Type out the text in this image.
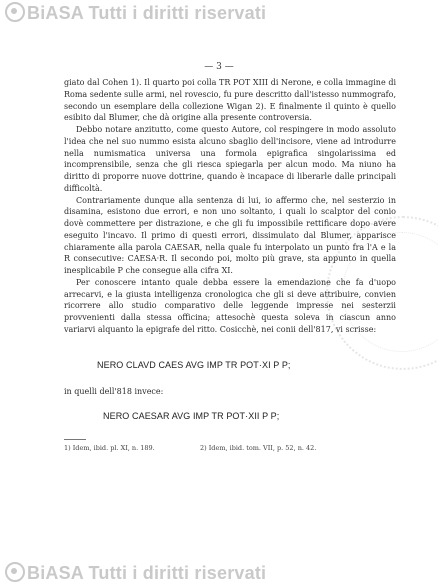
BiASA Tutti i diritti riservati
— 3 —

giato dal Cohen 1). Il quarto poi colla TR POT XIII di Nerone, e colla immagine di Roma sedente sulle armi, nel rovescio, fu pure descritto dall'istesso nummografo, secondo un esemplare della collezione Wigan 2). E finalmente il quinto è quello esibito dal Blumer, che dà origine alla presente controversia.

Debbo notare anzitutto, come questo Autore, col respingere in modo assoluto l'idea che nel suo nummo esista alcuno sbaglio dell'incisore, viene ad introdurre nella numismatica universa una formola epigrafica singolarissima ed incomprensibile, senza che gli riesca spiegarla per alcun modo. Ma niuno ha diritto di proporre nuove dottrine, quando è incapace di liberarle dalle principali difficoltà.

Contrariamente dunque alla sentenza di lui, io affermo che, nel sesterzio in disamina, esistono due errori, e non uno soltanto, i quali lo scalptor del conio dovè commettere per distrazione, e che gli fu impossibile rettificare dopo avere eseguito l'incavo. Il primo di questi errori, dissimulato dal Blumer, apparisce chiaramente alla parola CAESAR, nella quale fu interpolato un punto fra l'A e la R consecutive: CAESA·R. Il secondo poi, molto più grave, sta appunto in quella inesplicabile P che consegue alla cifra XI.

Per conoscere intanto quale debba essere la emendazione che fa d'uopo arrecarvi, e la giusta intelligenza cronologica che gli si deve attribuire, convien ricorrere allo studio comparativo delle leggende impresse nei sesterzii provvenienti dalla stessa officina; attesochè questa soleva in ciascun anno variarvi alquanto la epigrafe del ritto. Cosicchè, nei conii dell'817, vi scrisse:

NERO CLAVD CAES AVG IMP TR POT·XI P P;
in quelli dell'818 invece:
NERO CAESAR AVG IMP TR POT·XII P P;
1) Idem, ibid. pl. XI, n. 189.	2) Idem, ibid. tom. VII, p. 52, n. 42.
BiASA Tutti i diritti riservati
